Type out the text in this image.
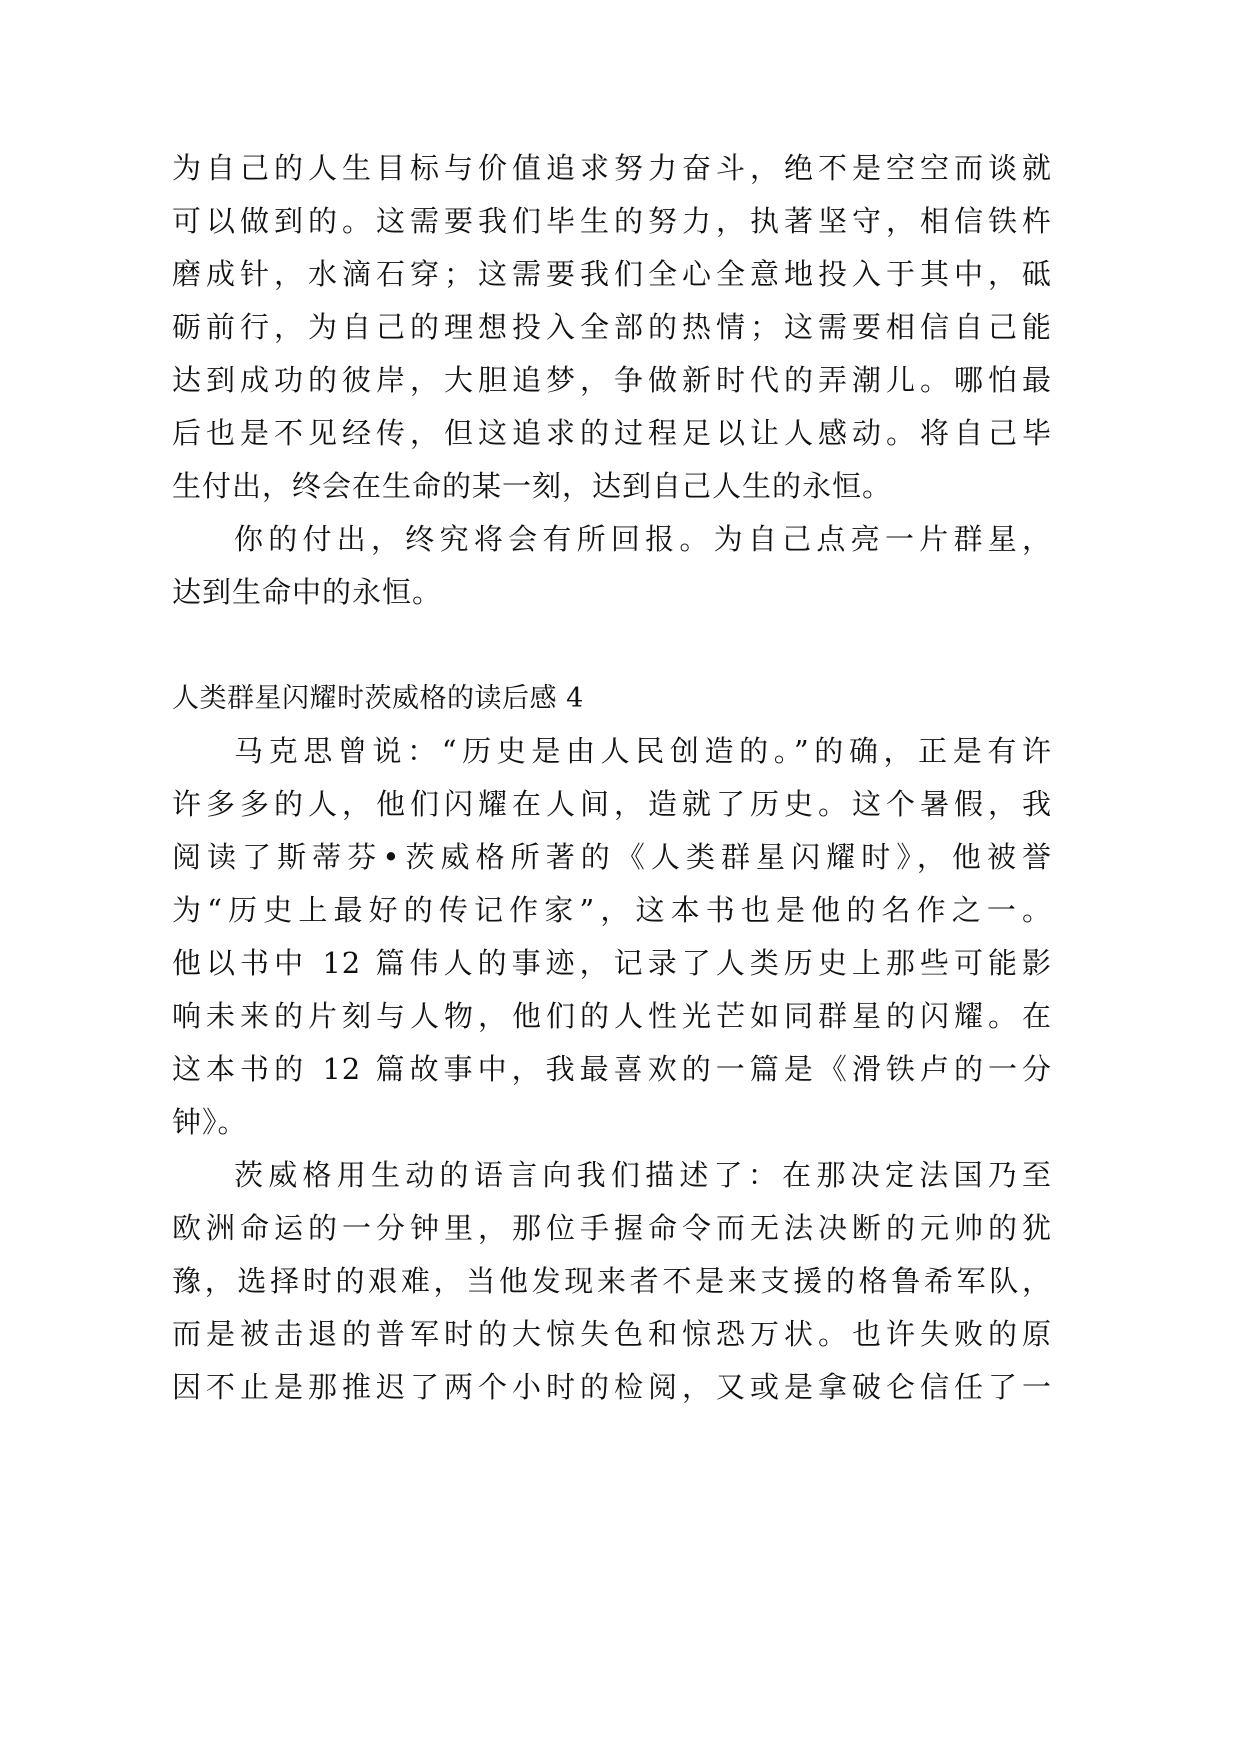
为自己的人生目标与价值追求努力奋斗，绝不是空空而谈就
可以做到的。这需要我们毕生的努力，执著坚守，相信铁杵
磨成针，水滴石穿；这需要我们全心全意地投入于其中，砥
砺前行，为自己的理想投入全部的热情；这需要相信自己能
达到成功的彼岸，大胆追梦，争做新时代的弄潮儿。哪怕最
后也是不见经传，但这追求的过程足以让人感动。将自己毕
生付出，终会在生命的某一刻，达到自己人生的永恒。
你的付出，终究将会有所回报。为自己点亮一片群星，
达到生命中的永恒。
人类群星闪耀时茨威格的读后感 4
马克思曾说：“历史是由人民创造的。”的确，正是有许
许多多的人，他们闪耀在人间，造就了历史。这个暑假，我
阅读了斯蒂芬•茨威格所著的《人类群星闪耀时》，他被誉
为“历史上最好的传记作家”，这本书也是他的名作之一。
他以书中 12 篇伟人的事迹，记录了人类历史上那些可能影
响未来的片刻与人物，他们的人性光芒如同群星的闪耀。在
这本书的 12 篇故事中，我最喜欢的一篇是《滑铁卢的一分
钟》。
茨威格用生动的语言向我们描述了：在那决定法国乃至
欧洲命运的一分钟里，那位手握命令而无法决断的元帅的犹
豫，选择时的艰难，当他发现来者不是来支援的格鲁希军队，
而是被击退的普军时的大惊失色和惊恐万状。也许失败的原
因不止是那推迟了两个小时的检阅，又或是拿破仑信任了一
